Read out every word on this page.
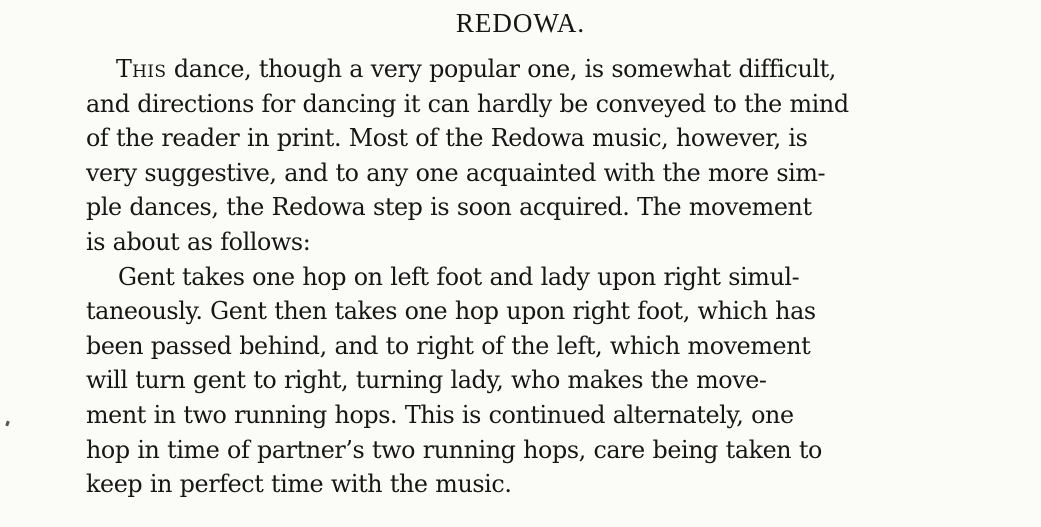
REDOWA.
This dance, though a very popular one, is somewhat difficult,
and directions for dancing it can hardly be conveyed to the mind
of the reader in print. Most of the Redowa music, however, is
very suggestive, and to any one acquainted with the more sim-
ple dances, the Redowa step is soon acquired. The movement
is about as follows:
Gent takes one hop on left foot and lady upon right simul-
taneously. Gent then takes one hop upon right foot, which has
been passed behind, and to right of the left, which movement
will turn gent to right, turning lady, who makes the move-
ment in two running hops. This is continued alternately, one
hop in time of partner’s two running hops, care being taken to
keep in perfect time with the music.
